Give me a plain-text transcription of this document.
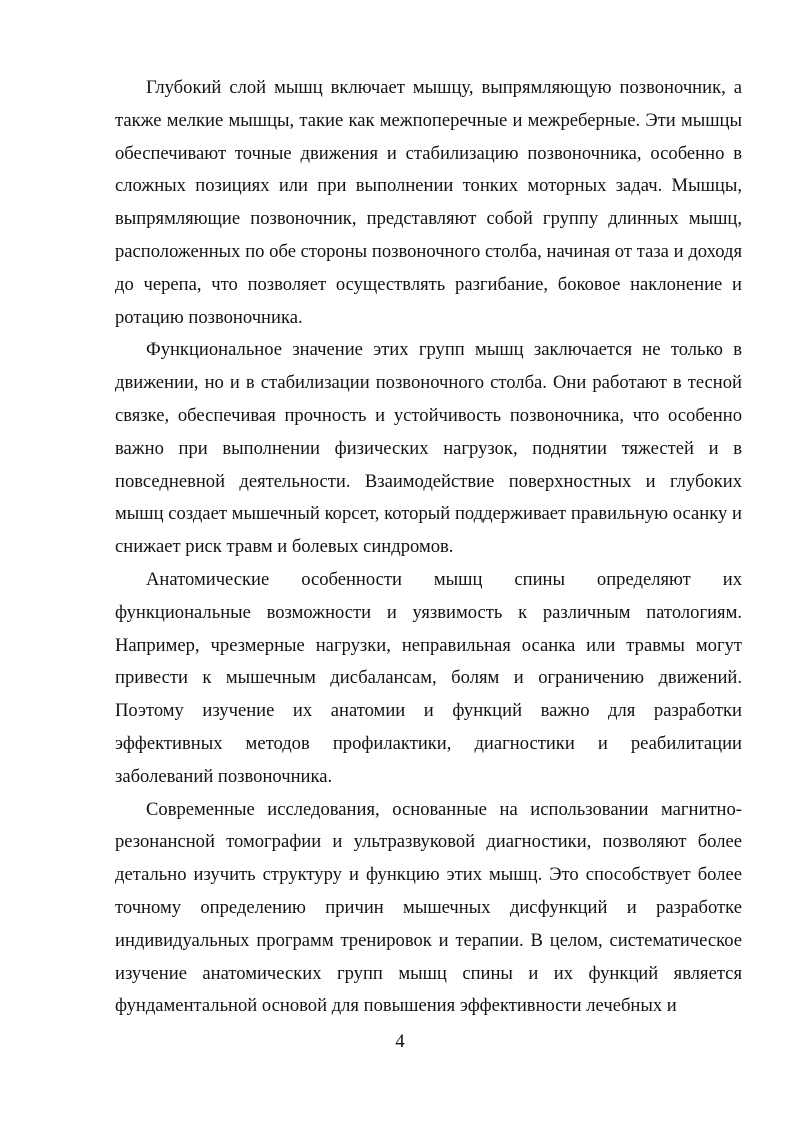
Глубокий слой мышц включает мышцу, выпрямляющую позвоночник, а также мелкие мышцы, такие как межпоперечные и межреберные. Эти мышцы обеспечивают точные движения и стабилизацию позвоночника, особенно в сложных позициях или при выполнении тонких моторных задач. Мышцы, выпрямляющие позвоночник, представляют собой группу длинных мышц, расположенных по обе стороны позвоночного столба, начиная от таза и доходя до черепа, что позволяет осуществлять разгибание, боковое наклонение и ротацию позвоночника.

Функциональное значение этих групп мышц заключается не только в движении, но и в стабилизации позвоночного столба. Они работают в тесной связке, обеспечивая прочность и устойчивость позвоночника, что особенно важно при выполнении физических нагрузок, поднятии тяжестей и в повседневной деятельности. Взаимодействие поверхностных и глубоких мышц создает мышечный корсет, который поддерживает правильную осанку и снижает риск травм и болевых синдромов.

Анатомические особенности мышц спины определяют их функциональные возможности и уязвимость к различным патологиям. Например, чрезмерные нагрузки, неправильная осанка или травмы могут привести к мышечным дисбалансам, болям и ограничению движений. Поэтому изучение их анатомии и функций важно для разработки эффективных методов профилактики, диагностики и реабилитации заболеваний позвоночника.

Современные исследования, основанные на использовании магнитно-резонансной томографии и ультразвуковой диагностики, позволяют более детально изучить структуру и функцию этих мышц. Это способствует более точному определению причин мышечных дисфункций и разработке индивидуальных программ тренировок и терапии. В целом, систематическое изучение анатомических групп мышц спины и их функций является фундаментальной основой для повышения эффективности лечебных и

4
